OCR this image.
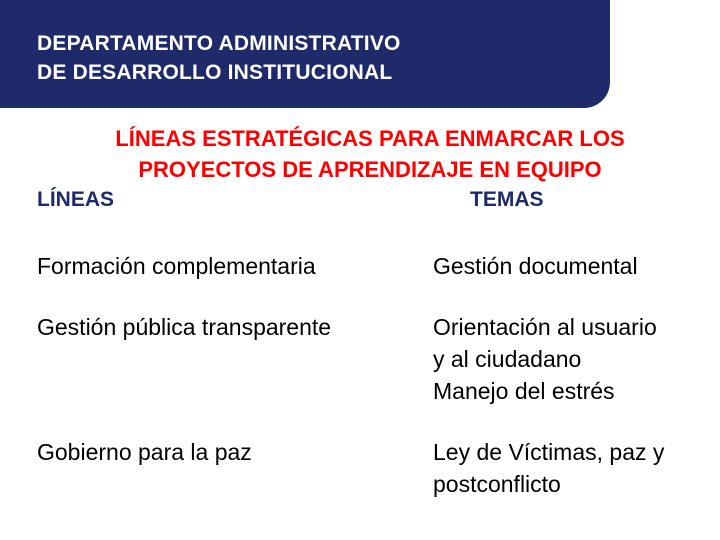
DEPARTAMENTO ADMINISTRATIVO
DE DESARROLLO INSTITUCIONAL
LÍNEAS ESTRATÉGICAS PARA ENMARCAR LOS
PROYECTOS DE APRENDIZAJE EN EQUIPO
LÍNEAS	TEMAS
Formación complementaria	Gestión documental
Gestión pública transparente	Orientación al usuario
y al ciudadano
Manejo del estrés
Gobierno para la paz	Ley de Víctimas, paz y
postconflicto
